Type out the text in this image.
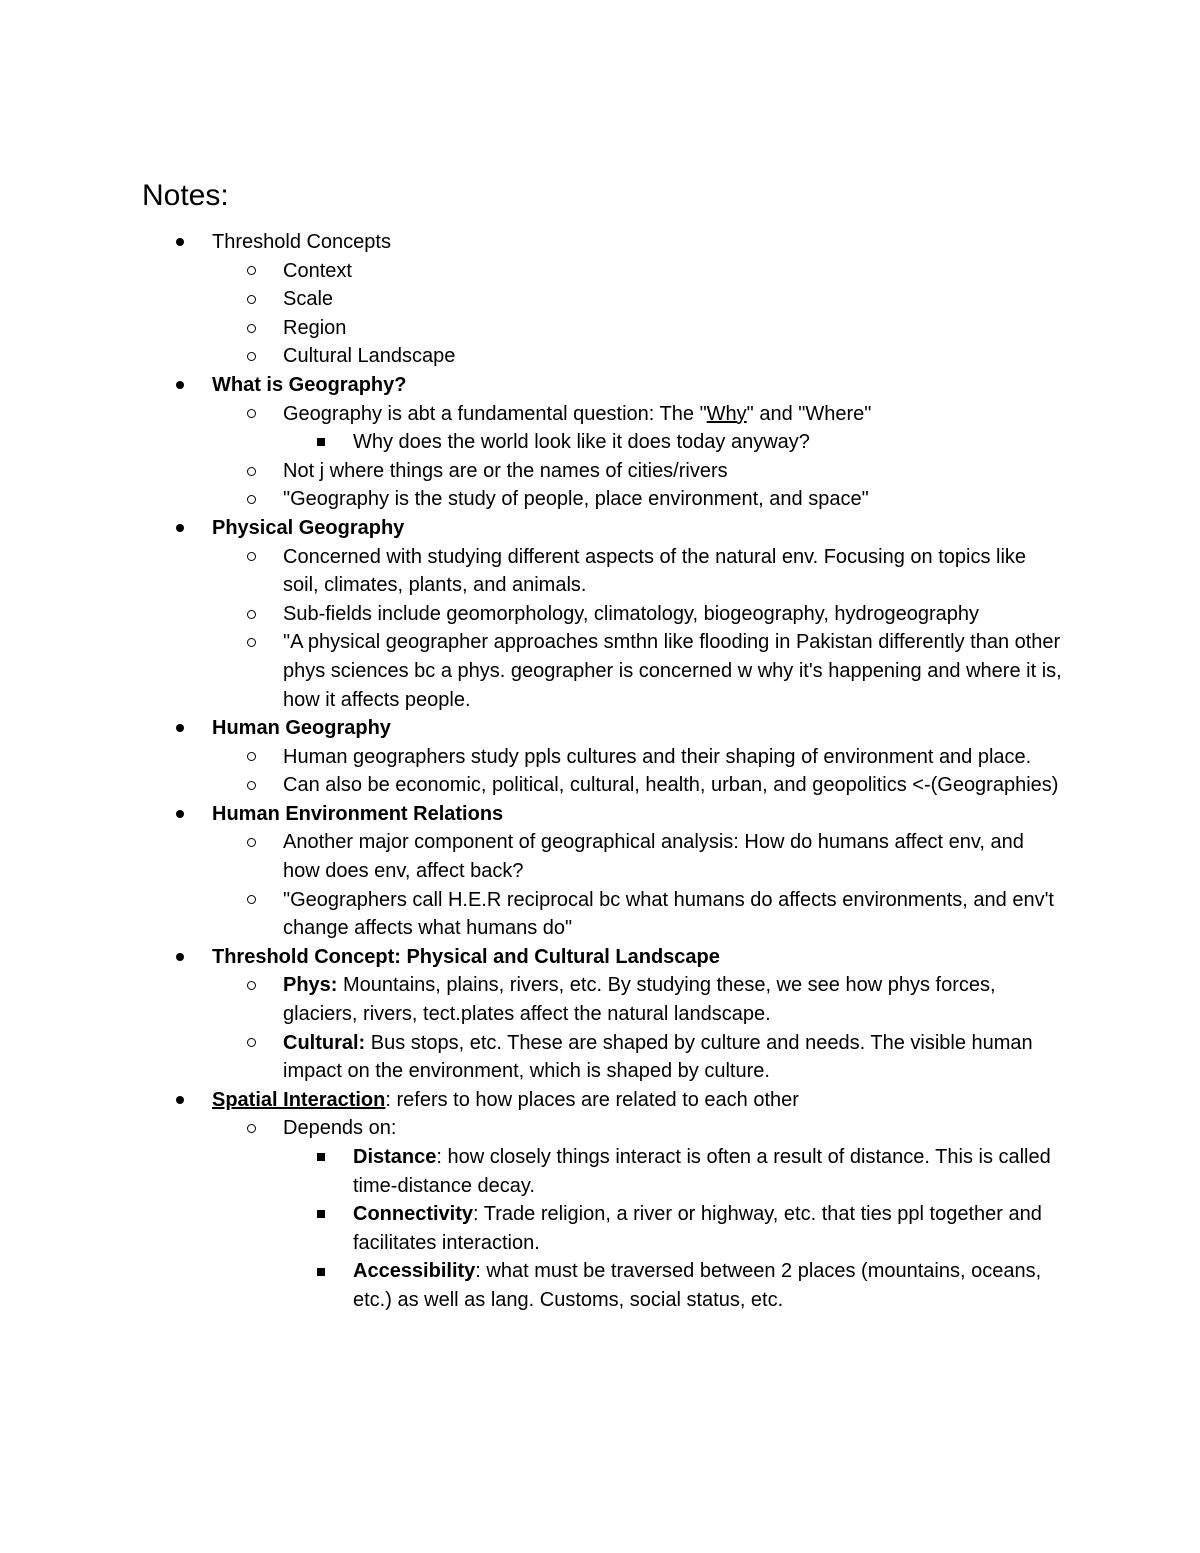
Notes:
Threshold Concepts
Context
Scale
Region
Cultural Landscape
What is Geography?
Geography is abt a fundamental question: The "Why" and "Where"
Why does the world look like it does today anyway?
Not j where things are or the names of cities/rivers
"Geography is the study of people, place environment, and space"
Physical Geography
Concerned with studying different aspects of the natural env. Focusing on topics like soil, climates, plants, and animals.
Sub-fields include geomorphology, climatology, biogeography, hydrogeography
"A physical geographer approaches smthn like flooding in Pakistan differently than other phys sciences bc a phys. geographer is concerned w why it's happening and where it is, how it affects people.
Human Geography
Human geographers study ppls cultures and their shaping of environment and place.
Can also be economic, political, cultural, health, urban, and geopolitics <-(Geographies)
Human Environment Relations
Another major component of geographical analysis: How do humans affect env, and how does env, affect back?
"Geographers call H.E.R reciprocal bc what humans do affects environments, and env't change affects what humans do"
Threshold Concept: Physical and Cultural Landscape
Phys: Mountains, plains, rivers, etc. By studying these, we see how phys forces, glaciers, rivers, tect.plates affect the natural landscape.
Cultural: Bus stops, etc. These are shaped by culture and needs. The visible human impact on the environment, which is shaped by culture.
Spatial Interaction: refers to how places are related to each other
Depends on:
Distance: how closely things interact is often a result of distance. This is called time-distance decay.
Connectivity: Trade religion, a river or highway, etc. that ties ppl together and facilitates interaction.
Accessibility: what must be traversed between 2 places (mountains, oceans, etc.) as well as lang. Customs, social status, etc.
